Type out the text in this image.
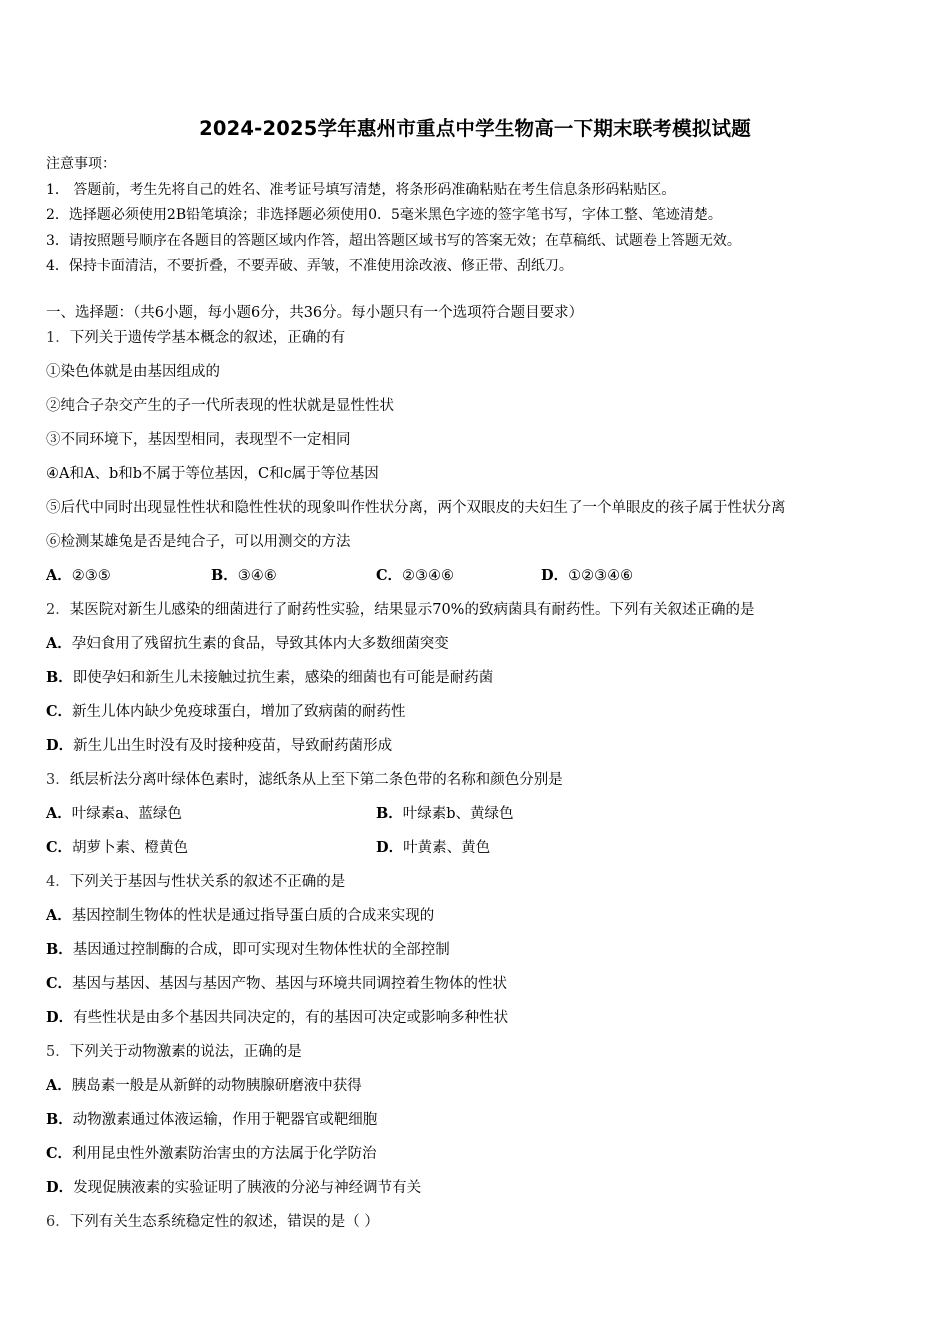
2024-2025学年惠州市重点中学生物高一下期末联考模拟试题
注意事项：
1． 答题前，考生先将自己的姓名、准考证号填写清楚，将条形码准确粘贴在考生信息条形码粘贴区。
2．选择题必须使用2B铅笔填涂；非选择题必须使用0．5毫米黑色字迹的签字笔书写，字体工整、笔迹清楚。
3．请按照题号顺序在各题目的答题区域内作答，超出答题区域书写的答案无效；在草稿纸、试题卷上答题无效。
4．保持卡面清洁，不要折叠，不要弄破、弄皱，不准使用涂改液、修正带、刮纸刀。
一、选择题：（共6小题，每小题6分，共36分。每小题只有一个选项符合题目要求）
1．下列关于遗传学基本概念的叙述，正确的有
①染色体就是由基因组成的
②纯合子杂交产生的子一代所表现的性状就是显性性状
③不同环境下，基因型相同，表现型不一定相同
④A和A、b和b不属于等位基因，C和c属于等位基因
⑤后代中同时出现显性性状和隐性性状的现象叫作性状分离，两个双眼皮的夫妇生了一个单眼皮的孩子属于性状分离
⑥检测某雄兔是否是纯合子，可以用测交的方法
A．②③⑤	B．③④⑥	C．②③④⑥	D．①②③④⑥
2．某医院对新生儿感染的细菌进行了耐药性实验，结果显示70%的致病菌具有耐药性。下列有关叙述正确的是
A．孕妇食用了残留抗生素的食品，导致其体内大多数细菌突变
B．即使孕妇和新生儿未接触过抗生素，感染的细菌也有可能是耐药菌
C．新生儿体内缺少免疫球蛋白，增加了致病菌的耐药性
D．新生儿出生时没有及时接种疫苗，导致耐药菌形成
3．纸层析法分离叶绿体色素时，滤纸条从上至下第二条色带的名称和颜色分别是
A．叶绿素a、蓝绿色	B．叶绿素b、黄绿色
C．胡萝卜素、橙黄色	D．叶黄素、黄色
4．下列关于基因与性状关系的叙述不正确的是
A．基因控制生物体的性状是通过指导蛋白质的合成来实现的
B．基因通过控制酶的合成，即可实现对生物体性状的全部控制
C．基因与基因、基因与基因产物、基因与环境共同调控着生物体的性状
D．有些性状是由多个基因共同决定的，有的基因可决定或影响多种性状
5．下列关于动物激素的说法，正确的是
A．胰岛素一般是从新鲜的动物胰腺研磨液中获得
B．动物激素通过体液运输，作用于靶器官或靶细胞
C．利用昆虫性外激素防治害虫的方法属于化学防治
D．发现促胰液素的实验证明了胰液的分泌与神经调节有关
6．下列有关生态系统稳定性的叙述，错误的是（ ）
